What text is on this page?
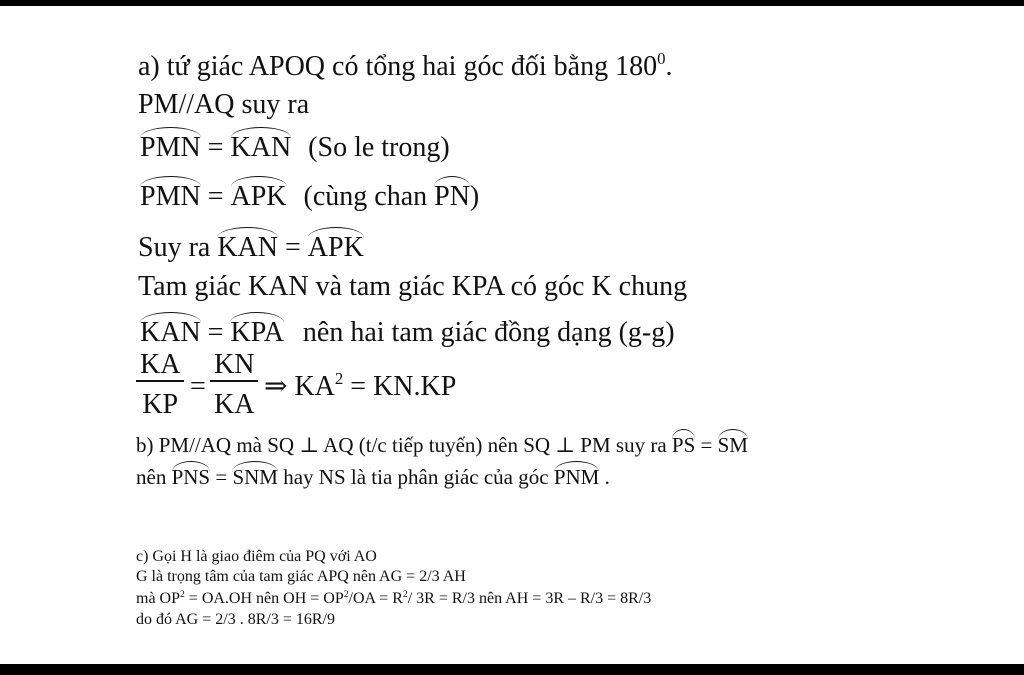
a) tứ giác APOQ có tổng hai góc đối bằng $180^0$.
PM//AQ suy ra
PMN = KAN (So le trong)
PMN = APK (cùng chan PN)
Suy ra KAN = APK
Tam giác KAN và tam giác KPA có góc K chung
KAN = KPA nên hai tam giác đồng dạng (g-g)
$\frac{KA}{KP} = \frac{KN}{KA}$ ⇒ $KA^2 = KN.KP$
b) PM//AQ mà SQ ⊥ AQ (t/c tiếp tuyến) nên SQ ⊥ PM suy ra PS = SM
nên PNS = SNM hay NS là tia phân giác của góc PNM .
c) Gọi H là giao điêm của PQ với AO
G là trọng tâm của tam giác APQ nên AG = 2/3 AH
mà $OP^2 = OA.OH$ nên OH = $OP^2/OA = R^2/$ 3R = R/3 nên AH = 3R – R/3 = 8R/3
do đó AG = 2/3 . 8R/3 = 16R/9
